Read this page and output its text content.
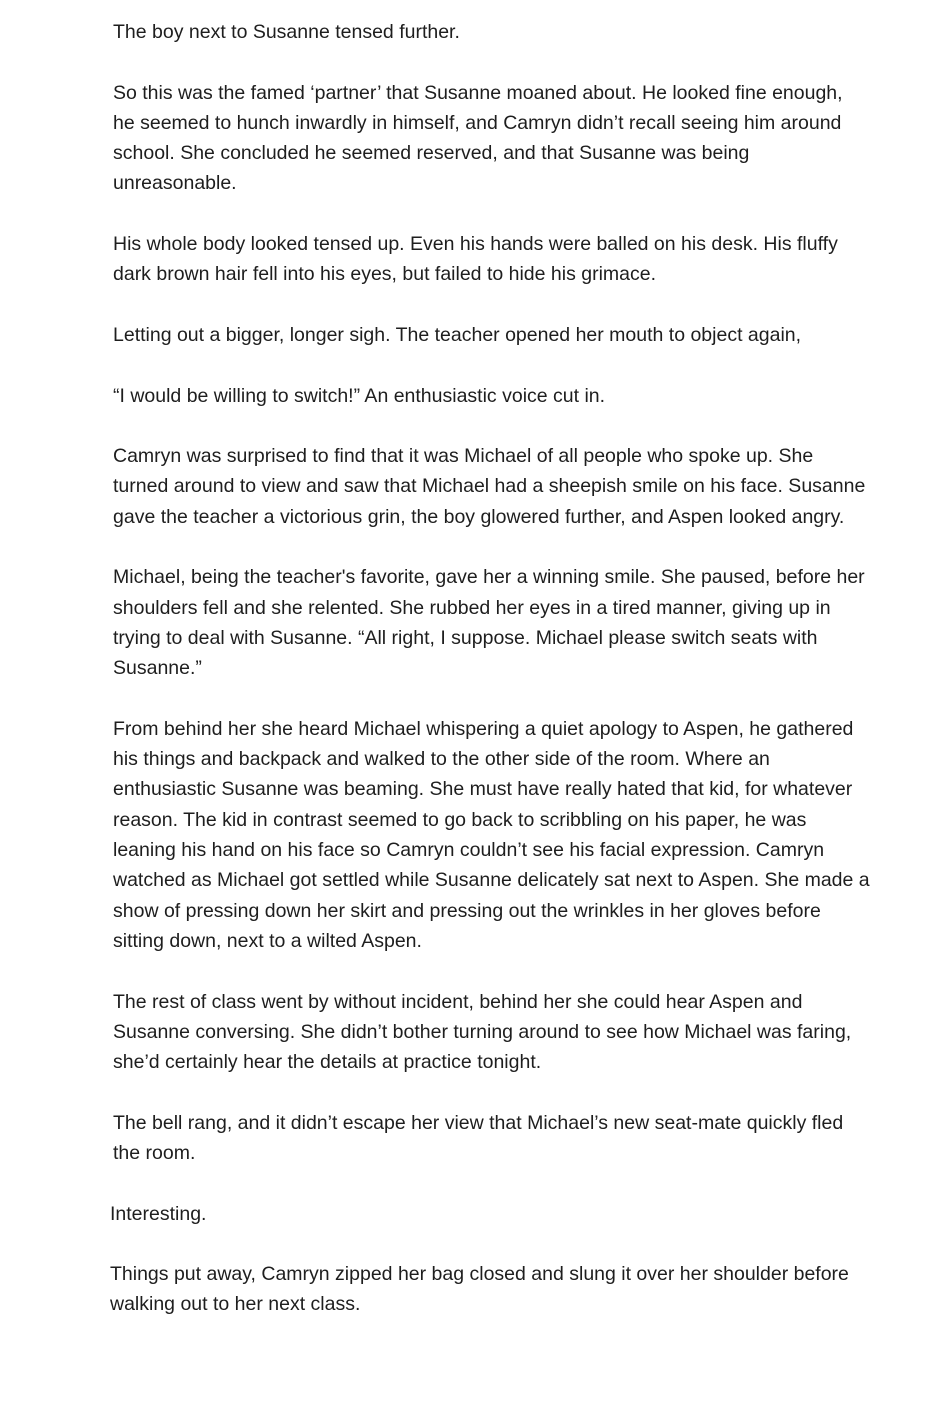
The boy next to Susanne tensed further.

So this was the famed ‘partner’ that Susanne moaned about. He looked fine enough,    he seemed to hunch inwardly in himself, and Camryn didn’t recall seeing him around school. She concluded he seemed reserved, and that Susanne was being unreasonable.

His whole body looked tensed up. Even his hands were balled on his desk. His fluffy dark brown hair fell into his eyes, but failed to hide his grimace.

Letting out a bigger, longer sigh. The teacher opened her mouth to object again,

“I would be willing to switch!” An enthusiastic voice cut in.

Camryn was surprised to find that it was Michael of all people who spoke up. She turned around to view and saw that Michael had a sheepish smile on his face. Susanne gave the teacher a victorious grin, the boy glowered further, and Aspen looked angry.

Michael, being the teacher's favorite, gave her a winning smile. She paused, before her shoulders fell and she relented. She rubbed her eyes in a tired manner, giving up in trying to deal with Susanne. “All right, I suppose. Michael please switch seats with Susanne.”

From behind her she heard Michael whispering a quiet apology to Aspen, he gathered his things and backpack and walked to the other side of the room. Where an enthusiastic Susanne was beaming. She must have really hated that kid, for whatever reason. The kid in contrast seemed to go back to scribbling on his paper, he was leaning his hand on his face so Camryn couldn’t see his facial expression. Camryn watched as Michael got settled while Susanne delicately sat next to Aspen. She made a show of pressing down her skirt and pressing out the wrinkles in her gloves before sitting down, next to a wilted Aspen.

The rest of class went by without incident, behind her she could hear Aspen and Susanne conversing. She didn’t bother turning around to see how Michael was faring, she’d certainly hear the details at practice tonight.

The bell rang, and it didn’t escape her view that Michael’s new seat-mate quickly fled the room.

Interesting.

Things put away, Camryn zipped her bag closed and slung it over her shoulder before walking out to her next class.
